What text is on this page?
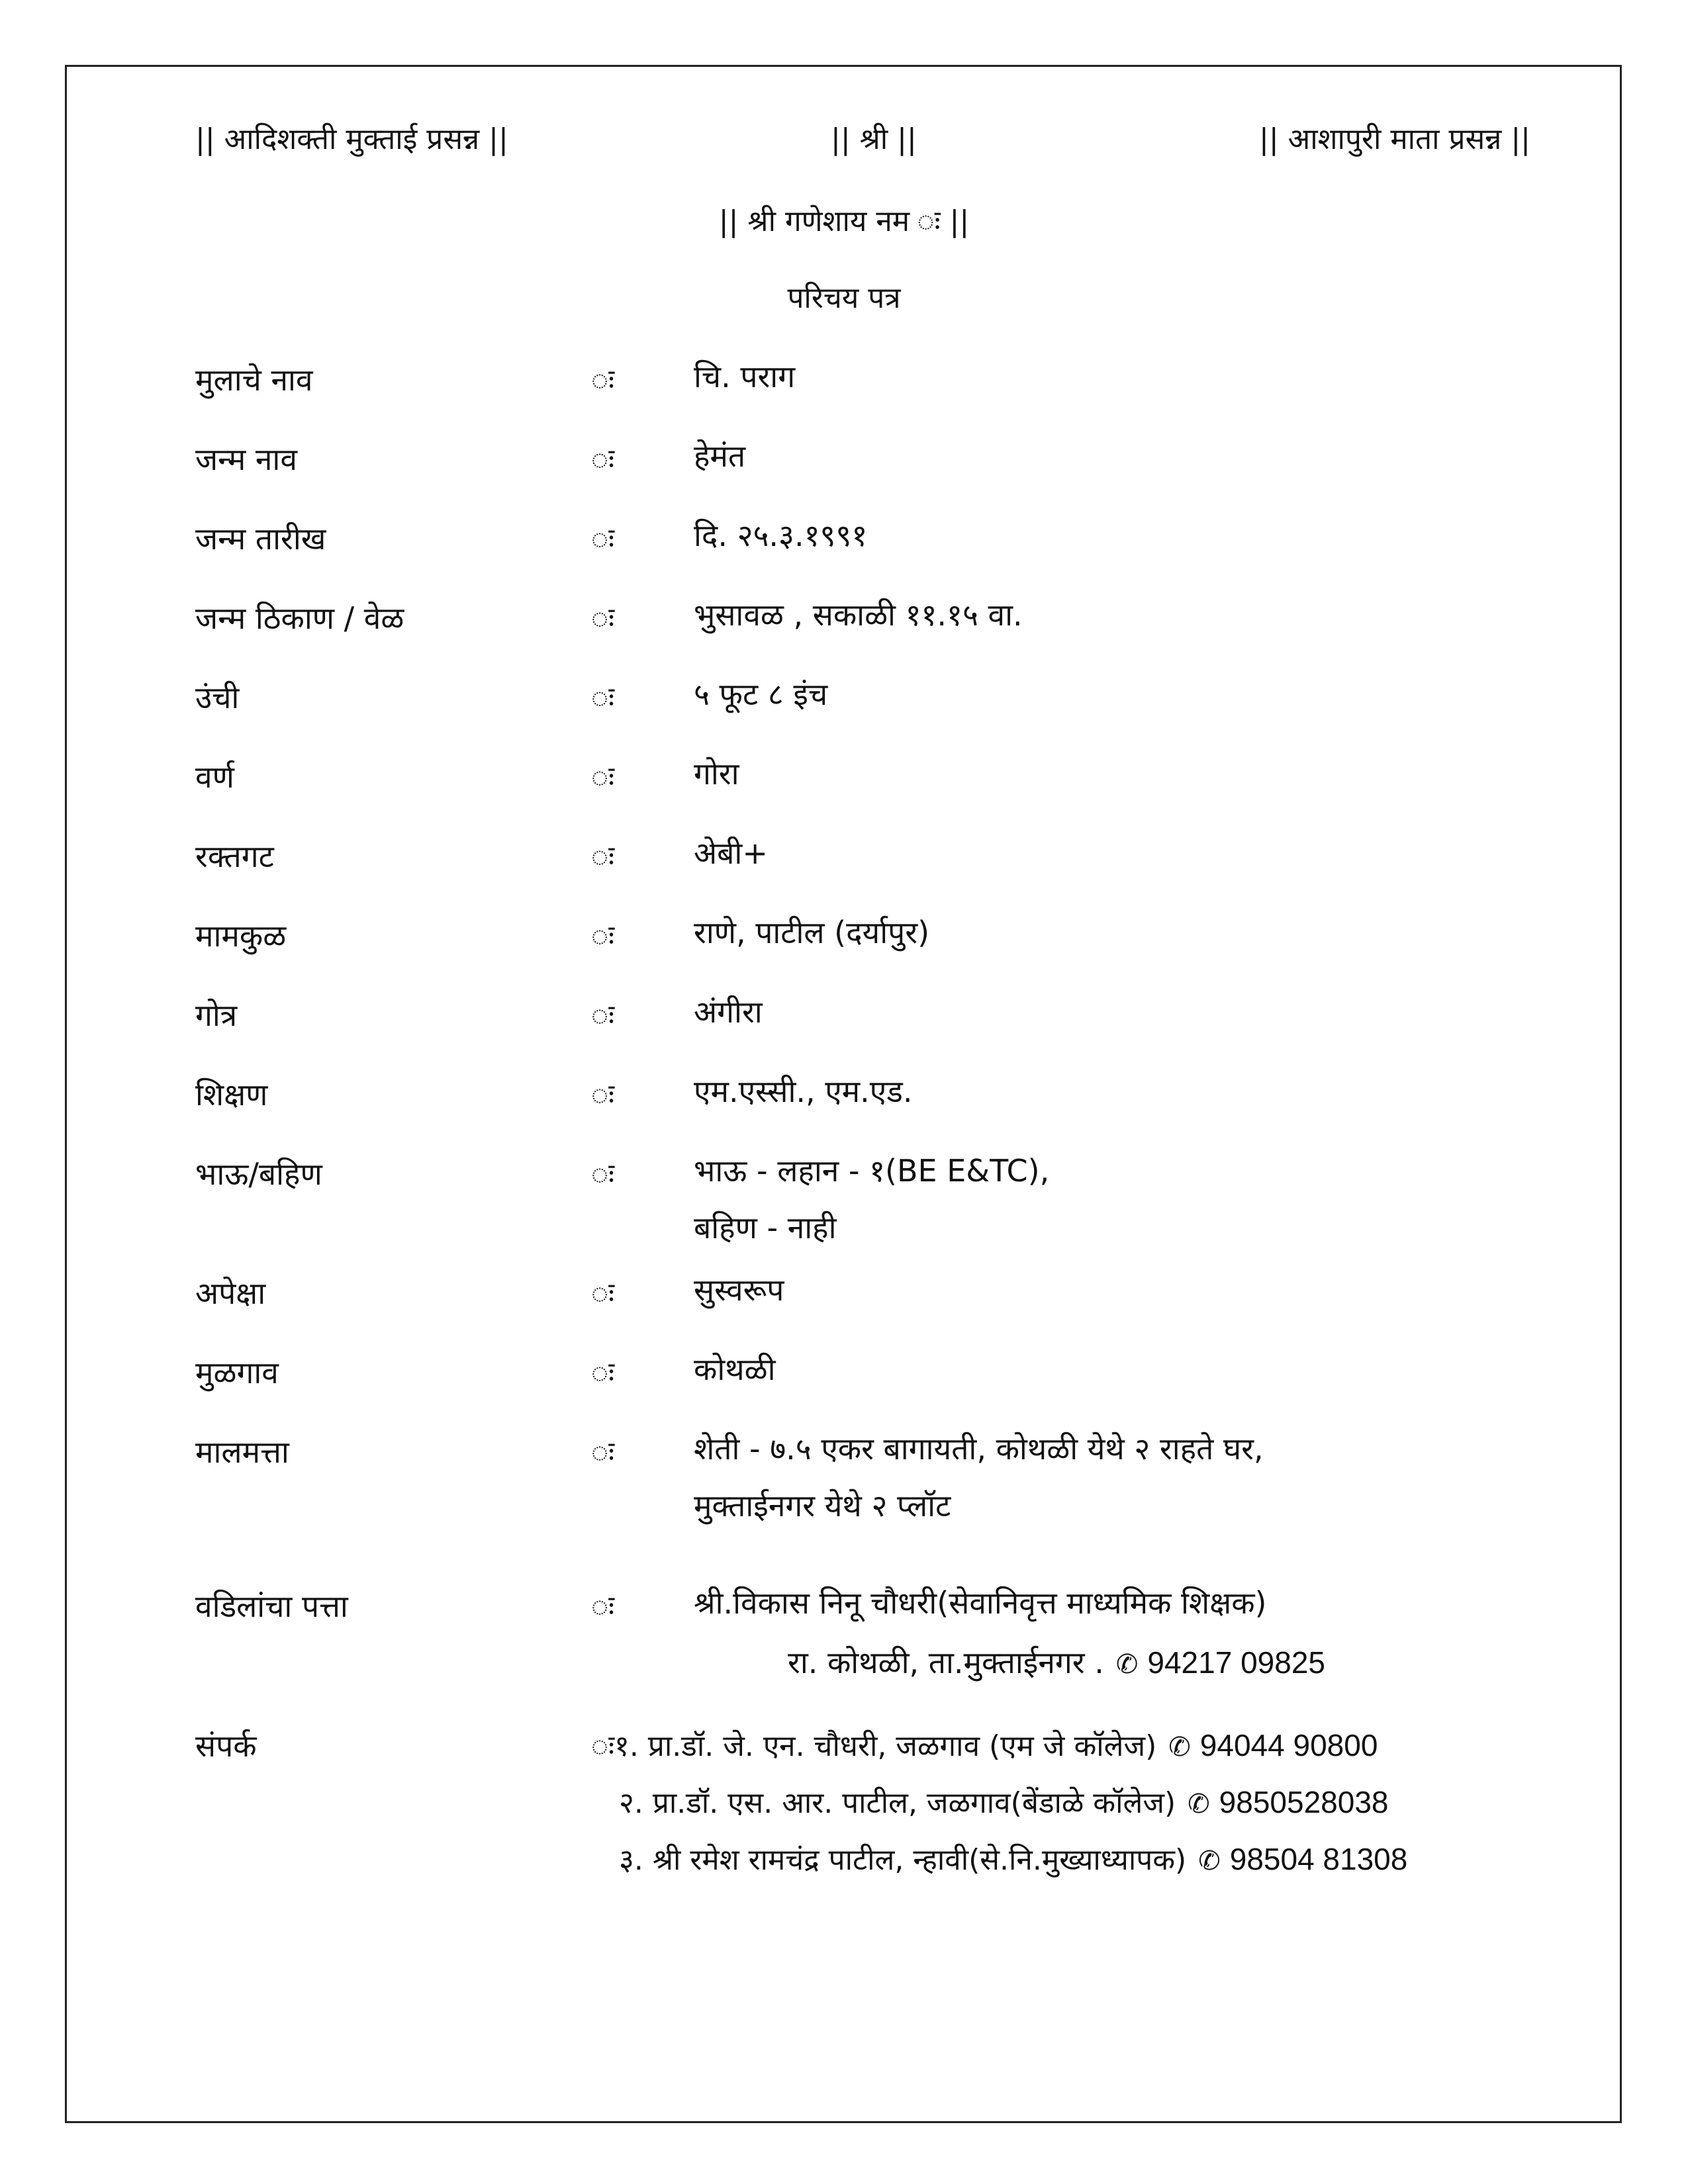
|| आदिशक्ती मुक्ताई प्रसन्न ||	|| श्री ||	|| आशापुरी माता प्रसन्न ||
|| श्री गणेशाय नम ः ||
परिचय पत्र
मुलाचे नाव	ः	चि. पराग
जन्म नाव	ः	हेमंत
जन्म तारीख	ः	दि. २५.३.१९९१
जन्म ठिकाण / वेळ	ः	भुसावळ , सकाळी ११.१५ वा.
उंची	ः	५ फूट ८ इंच
वर्ण	ः	गोरा
रक्तगट	ः	अेबी+
मामकुळ	ः	राणे, पाटील (दर्यापुर)
गोत्र	ः	अंगीरा
शिक्षण	ः	एम.एस्सी., एम.एड.
भाऊ/बहिण	ः	भाऊ - लहान - १(BE E&TC),
बहिण - नाही
अपेक्षा	ः	सुस्वरूप
मुळगाव	ः	कोथळी
मालमत्ता	ः	शेती - ७.५ एकर बागायती, कोथळी येथे २ राहते घर,
मुक्ताईनगर येथे २ प्लॉट
वडिलांचा पत्ता	ः	श्री.विकास निनू चौधरी(सेवानिवृत्त माध्यमिक शिक्षक)
रा. कोथळी, ता.मुक्ताईनगर . ✆ 94217 09825
संपर्क	ः१. प्रा.डॉ. जे. एन. चौधरी, जळगाव (एम जे कॉलेज) ✆ 94044 90800
२. प्रा.डॉ. एस. आर. पाटील, जळगाव(बेंडाळे कॉलेज) ✆ 9850528038
३. श्री रमेश रामचंद्र पाटील, न्हावी(से.नि.मुख्याध्यापक) ✆ 98504 81308
